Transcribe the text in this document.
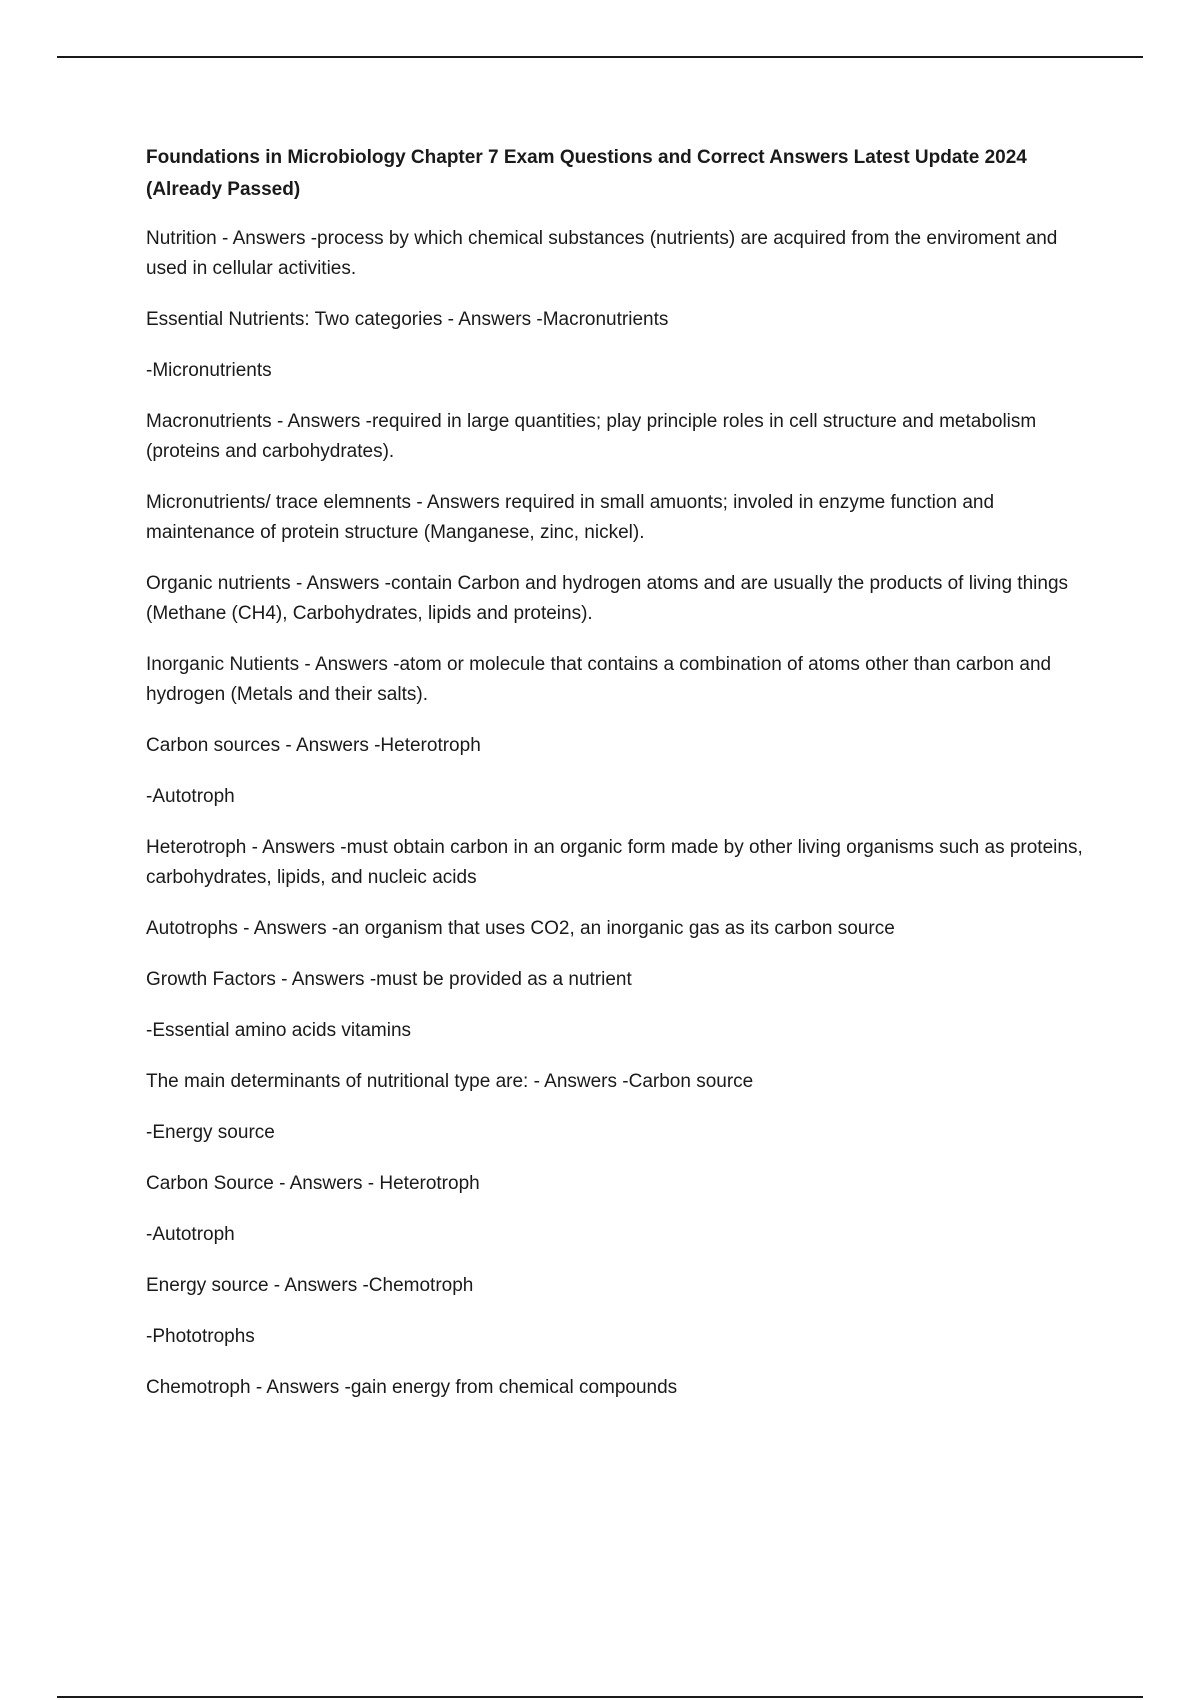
Foundations in Microbiology Chapter 7 Exam Questions and Correct Answers Latest Update 2024 (Already Passed)
Nutrition - Answers -process by which chemical substances (nutrients) are acquired from the enviroment and used in cellular activities.
Essential Nutrients: Two categories - Answers -Macronutrients
-Micronutrients
Macronutrients - Answers -required in large quantities; play principle roles in cell structure and metabolism (proteins and carbohydrates).
Micronutrients/ trace elemnents - Answers required in small amuonts; involed in enzyme function and maintenance of protein structure (Manganese, zinc, nickel).
Organic nutrients - Answers -contain Carbon and hydrogen atoms and are usually the products of living things (Methane (CH4), Carbohydrates, lipids and proteins).
Inorganic Nutients - Answers -atom or molecule that contains a combination of atoms other than carbon and hydrogen (Metals and their salts).
Carbon sources - Answers -Heterotroph
-Autotroph
Heterotroph - Answers -must obtain carbon in an organic form made by other living organisms such as proteins, carbohydrates, lipids, and nucleic acids
Autotrophs - Answers -an organism that uses CO2, an inorganic gas as its carbon source
Growth Factors - Answers -must be provided as a nutrient
-Essential amino acids vitamins
The main determinants of nutritional type are: - Answers -Carbon source
-Energy source
Carbon Source - Answers - Heterotroph
-Autotroph
Energy source - Answers -Chemotroph
-Phototrophs
Chemotroph - Answers -gain energy from chemical compounds
